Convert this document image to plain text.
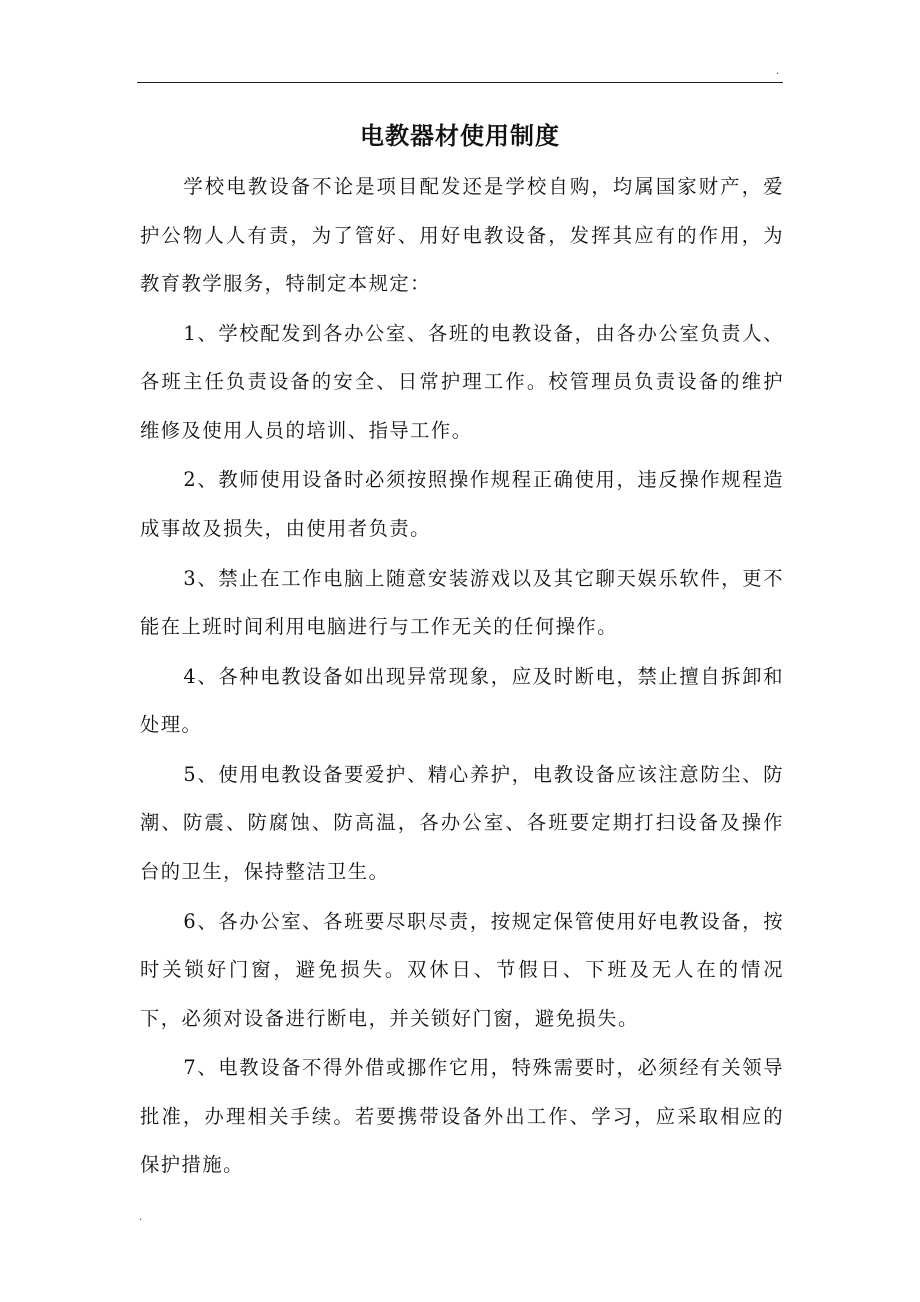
.
电教器材使用制度

学校电教设备不论是项目配发还是学校自购，均属国家财产，爱护公物人人有责，为了管好、用好电教设备，发挥其应有的作用，为教育教学服务，特制定本规定：

1、学校配发到各办公室、各班的电教设备，由各办公室负责人、各班主任负责设备的安全、日常护理工作。校管理员负责设备的维护维修及使用人员的培训、指导工作。

2、教师使用设备时必须按照操作规程正确使用，违反操作规程造成事故及损失，由使用者负责。

3、禁止在工作电脑上随意安装游戏以及其它聊天娱乐软件，更不能在上班时间利用电脑进行与工作无关的任何操作。

4、各种电教设备如出现异常现象，应及时断电，禁止擅自拆卸和处理。

5、使用电教设备要爱护、精心养护，电教设备应该注意防尘、防潮、防震、防腐蚀、防高温，各办公室、各班要定期打扫设备及操作台的卫生，保持整洁卫生。

6、各办公室、各班要尽职尽责，按规定保管使用好电教设备，按时关锁好门窗，避免损失。双休日、节假日、下班及无人在的情况下，必须对设备进行断电，并关锁好门窗，避免损失。

7、电教设备不得外借或挪作它用，特殊需要时，必须经有关领导批准，办理相关手续。若要携带设备外出工作、学习，应采取相应的保护措施。

.
